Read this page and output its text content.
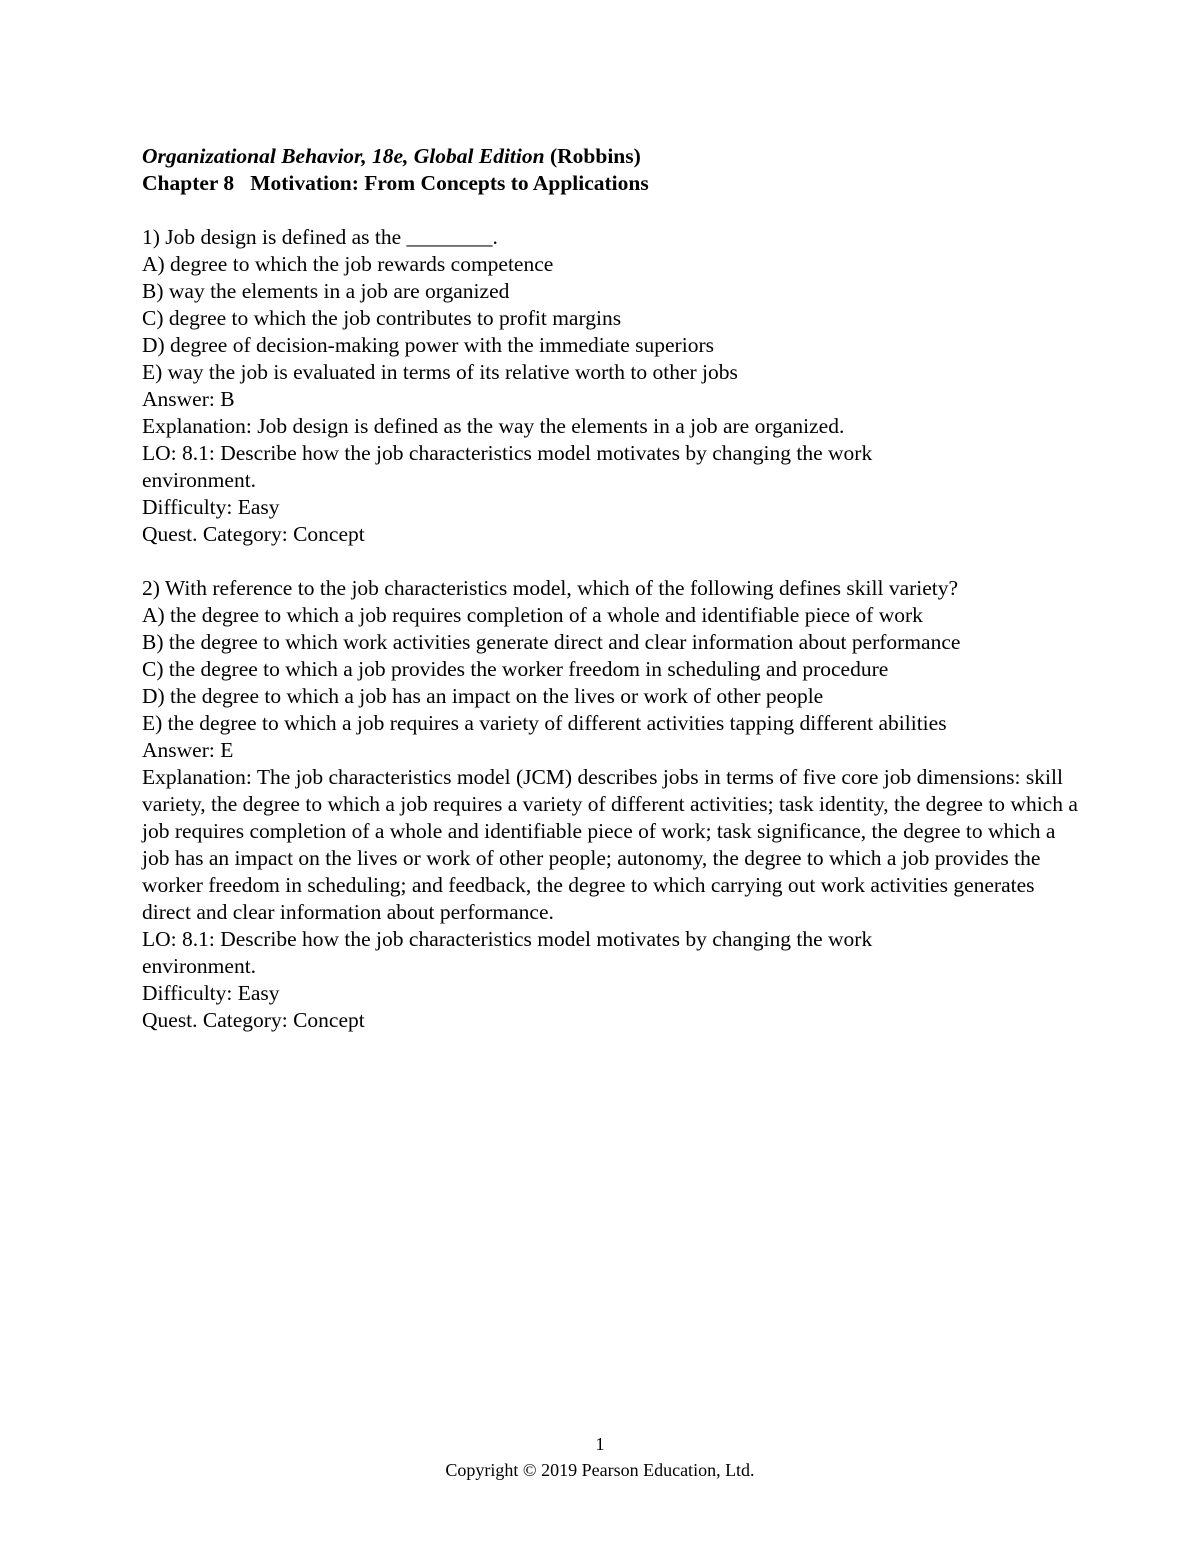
Organizational Behavior, 18e, Global Edition (Robbins)
Chapter 8 Motivation: From Concepts to Applications
1) Job design is defined as the ________.
A) degree to which the job rewards competence
B) way the elements in a job are organized
C) degree to which the job contributes to profit margins
D) degree of decision-making power with the immediate superiors
E) way the job is evaluated in terms of its relative worth to other jobs
Answer: B
Explanation: Job design is defined as the way the elements in a job are organized.
LO: 8.1: Describe how the job characteristics model motivates by changing the work environment.
Difficulty: Easy
Quest. Category: Concept
2) With reference to the job characteristics model, which of the following defines skill variety?
A) the degree to which a job requires completion of a whole and identifiable piece of work
B) the degree to which work activities generate direct and clear information about performance
C) the degree to which a job provides the worker freedom in scheduling and procedure
D) the degree to which a job has an impact on the lives or work of other people
E) the degree to which a job requires a variety of different activities tapping different abilities
Answer: E
Explanation: The job characteristics model (JCM) describes jobs in terms of five core job dimensions: skill variety, the degree to which a job requires a variety of different activities; task identity, the degree to which a job requires completion of a whole and identifiable piece of work; task significance, the degree to which a job has an impact on the lives or work of other people; autonomy, the degree to which a job provides the worker freedom in scheduling; and feedback, the degree to which carrying out work activities generates direct and clear information about performance.
LO: 8.1: Describe how the job characteristics model motivates by changing the work environment.
Difficulty: Easy
Quest. Category: Concept
1
Copyright © 2019 Pearson Education, Ltd.
